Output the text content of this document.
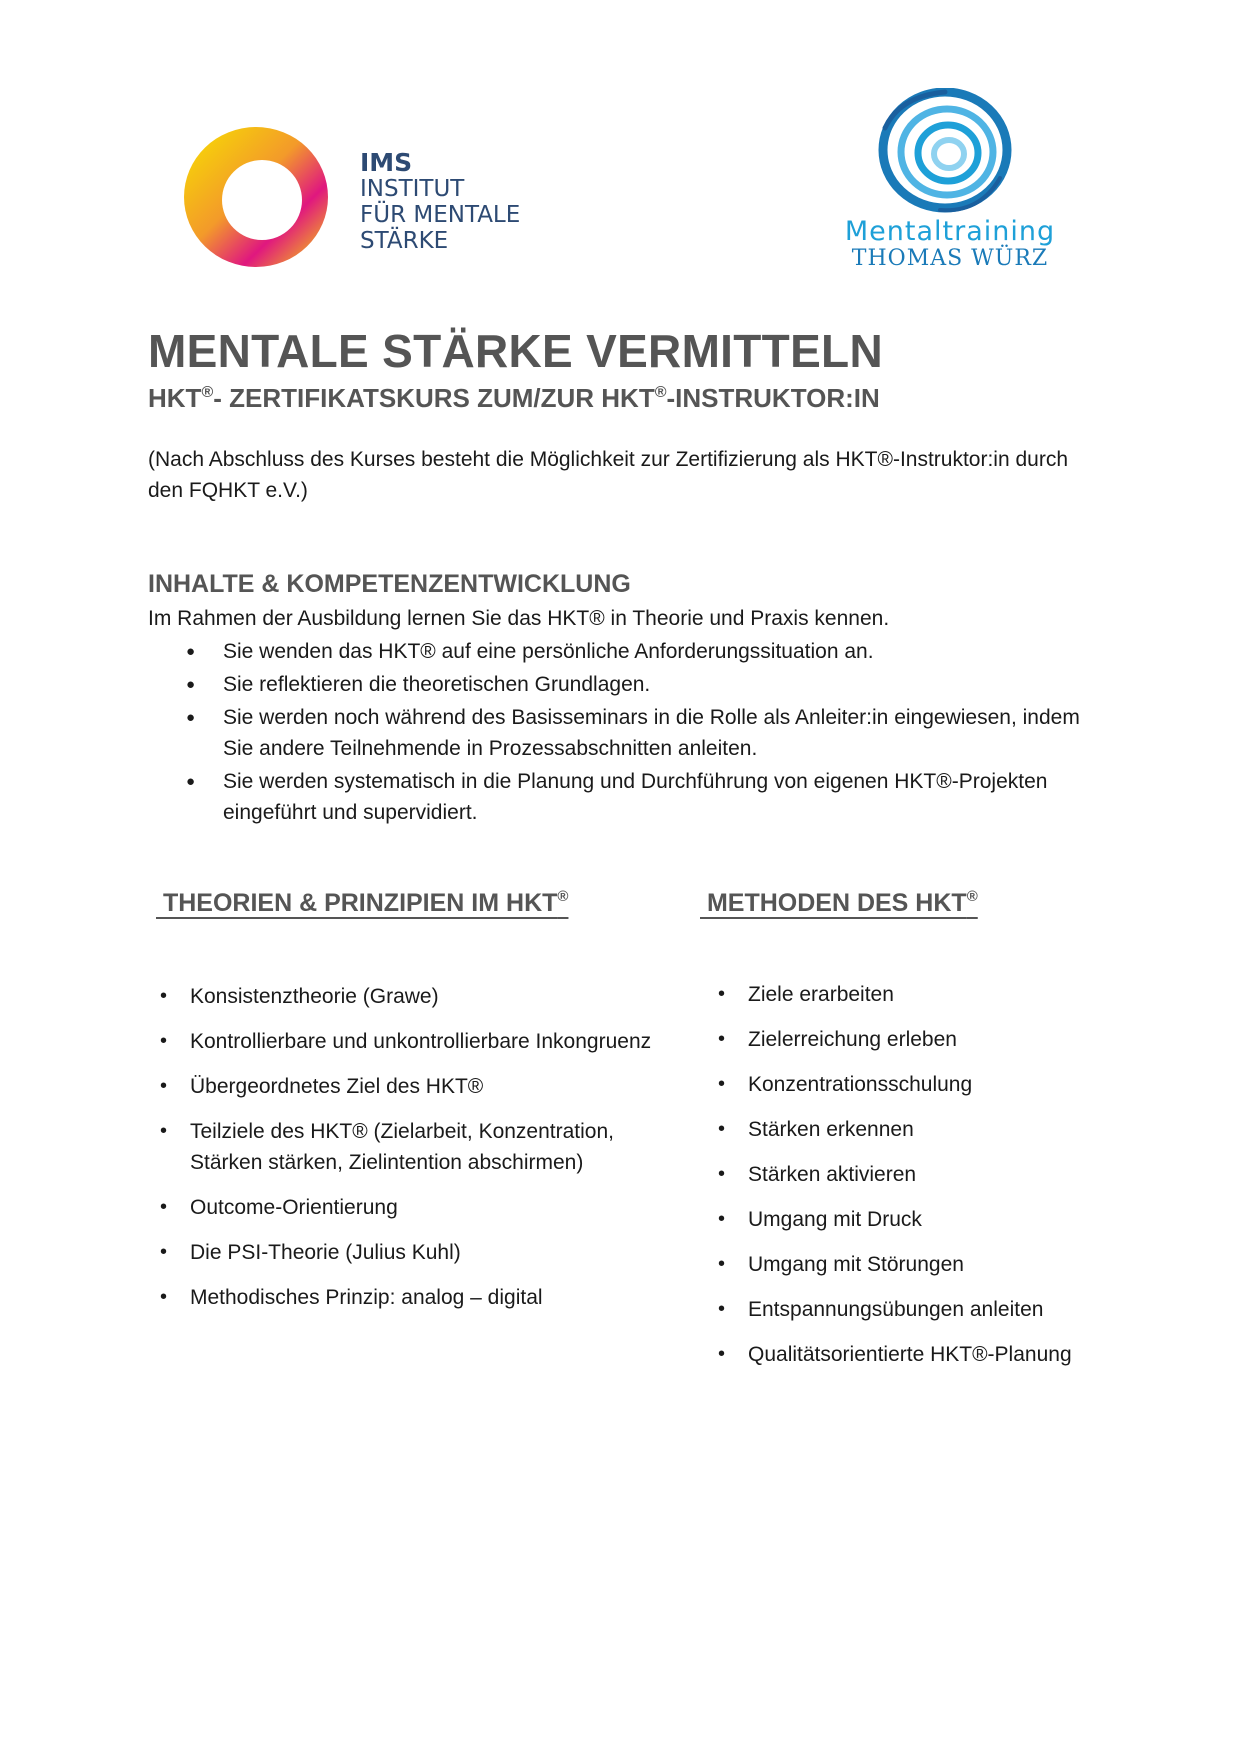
IMS
INSTITUT
FÜR MENTALE
STÄRKE	Mentaltraining
THOMAS WÜRZ
MENTALE STÄRKE VERMITTELN
HKT®- ZERTIFIKATSKURS ZUM/ZUR HKT®-INSTRUKTOR:IN

(Nach Abschluss des Kurses besteht die Möglichkeit zur Zertifizierung als HKT®-Instruktor:in durch den FQHKT e.V.)

INHALTE & KOMPETENZENTWICKLUNG

Im Rahmen der Ausbildung lernen Sie das HKT® in Theorie und Praxis kennen.

● Sie wenden das HKT® auf eine persönliche Anforderungssituation an.
● Sie reflektieren die theoretischen Grundlagen.
● Sie werden noch während des Basisseminars in die Rolle als Anleiter:in eingewiesen, indem Sie andere Teilnehmende in Prozessabschnitten anleiten.
● Sie werden systematisch in die Planung und Durchführung von eigenen HKT®-Projekten eingeführt und supervidiert.
THEORIEN & PRINZIPIEN IM HKT®	METHODEN DES HKT®
• Konsistenztheorie (Grawe)
• Kontrollierbare und unkontrollierbare Inkongruenz
• Übergeordnetes Ziel des HKT®
• Teilziele des HKT® (Zielarbeit, Konzentration, Stärken stärken, Zielintention abschirmen)
• Outcome-Orientierung
• Die PSI-Theorie (Julius Kuhl)
• Methodisches Prinzip: analog – digital
• Ziele erarbeiten
• Zielerreichung erleben
• Konzentrationsschulung
• Stärken erkennen
• Stärken aktivieren
• Umgang mit Druck
• Umgang mit Störungen
• Entspannungsübungen anleiten
• Qualitätsorientierte HKT®-Planung
